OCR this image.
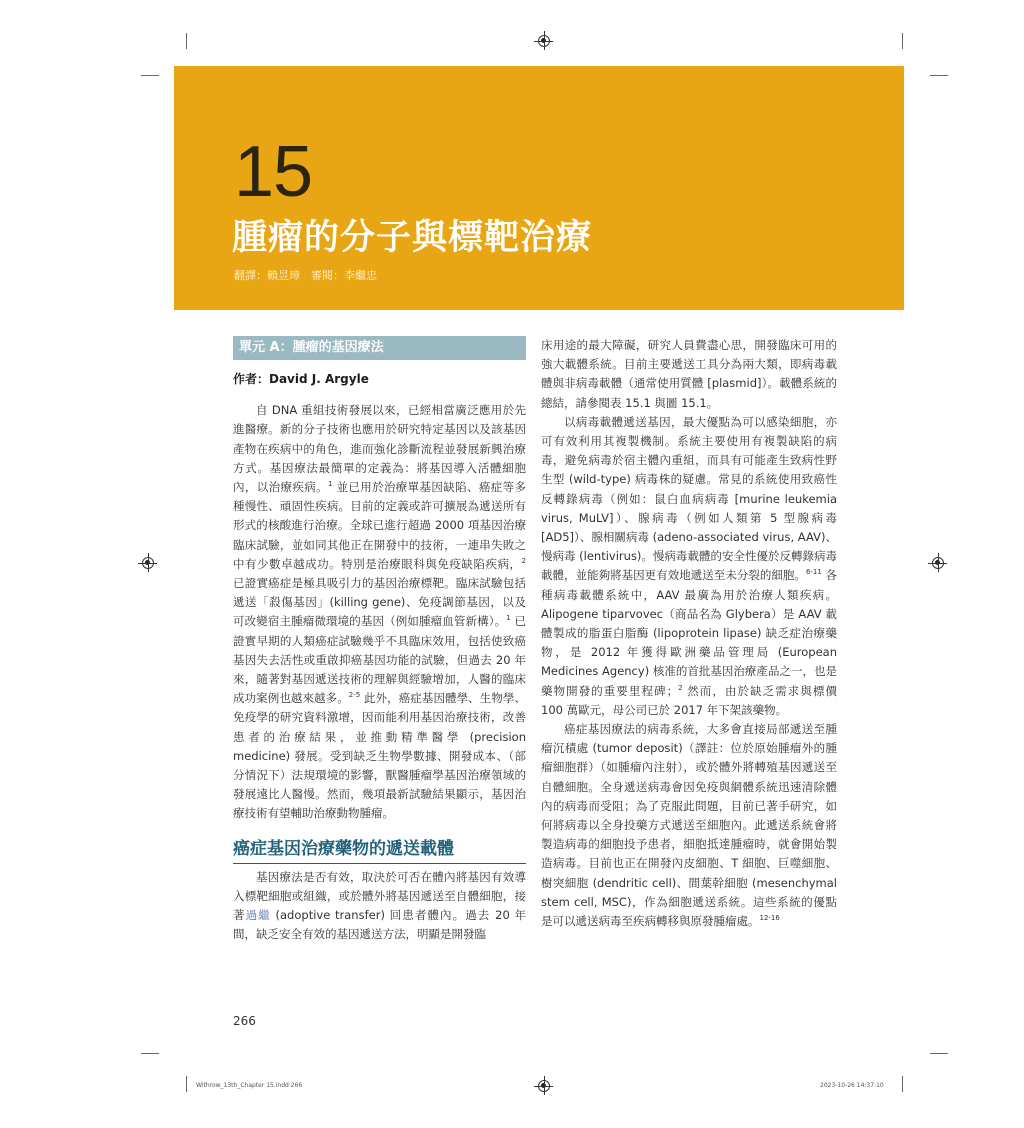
15
腫瘤的分子與標靶治療
翻譯：賴昱璋　審閱：李繼忠
單元 A：腫瘤的基因療法
作者：David J. Argyle

自 DNA 重組技術發展以來，已經相當廣泛應用於先進醫療。新的分子技術也應用於研究特定基因以及該基因產物在疾病中的角色，進而強化診斷流程並發展新興治療方式。基因療法最簡單的定義為：將基因導入活體細胞內，以治療疾病。$^1$ 並已用於治療單基因缺陷、癌症等多種慢性、頑固性疾病。目前的定義或許可擴展為遞送所有形式的核酸進行治療。全球已進行超過 2000 項基因治療臨床試驗，並如同其他正在開發中的技術，一連串失敗之中有少數卓越成功。特別是治療眼科與免疫缺陷疾病，$^2$ 已證實癌症是極具吸引力的基因治療標靶。臨床試驗包括遞送「殺傷基因」(killing gene)、免疫調節基因，以及可改變宿主腫瘤微環境的基因（例如腫瘤血管新構）。$^1$ 已證實早期的人類癌症試驗幾乎不具臨床效用，包括使致癌基因失去活性或重啟抑癌基因功能的試驗，但過去 20 年來，隨著對基因遞送技術的理解與經驗增加，人醫的臨床成功案例也越來越多。$^{2-5}$ 此外，癌症基因體學、生物學、免疫學的研究資料激增，因而能利用基因治療技術，改善患者的治療結果，並推動精準醫學 (precision medicine) 發展。受到缺乏生物學數據、開發成本、（部分情況下）法規環境的影響，獸醫腫瘤學基因治療領域的發展遠比人醫慢。然而，幾項最新試驗結果顯示，基因治療技術有望輔助治療動物腫瘤。

癌症基因治療藥物的遞送載體

基因療法是否有效，取決於可否在體內將基因有效導入標靶細胞或組織，或於體外將基因遞送至自體細胞，接著過繼 (adoptive transfer) 回患者體內。過去 20 年間，缺乏安全有效的基因遞送方法，明顯是開發臨

床用途的最大障礙，研究人員費盡心思，開發臨床可用的強大載體系統。目前主要遞送工具分為兩大類，即病毒載體與非病毒載體（通常使用質體 [plasmid]）。載體系統的總結，請參閱表 15.1 與圖 15.1。

以病毒載體遞送基因，最大優點為可以感染細胞，亦可有效利用其複製機制。系統主要使用有複製缺陷的病毒，避免病毒於宿主體內重組，而具有可能產生致病性野生型 (wild-type) 病毒株的疑慮。常見的系統使用致癌性反轉錄病毒（例如：鼠白血病病毒 [murine leukemia virus, MuLV]）、腺病毒（例如人類第 5 型腺病毒 [AD5]）、腺相關病毒 (adeno-associated virus, AAV)、慢病毒 (lentivirus)。慢病毒載體的安全性優於反轉錄病毒載體，並能夠將基因更有效地遞送至未分裂的細胞。$^{6-11}$ 各種病毒載體系統中，AAV 最廣為用於治療人類疾病。Alipogene tiparvovec（商品名為 Glybera）是 AAV 載體製成的脂蛋白脂酶 (lipoprotein lipase) 缺乏症治療藥物，是 2012 年獲得歐洲藥品管理局 (European Medicines Agency) 核准的首批基因治療產品之一，也是藥物開發的重要里程碑；$^2$ 然而，由於缺乏需求與標價 100 萬歐元，母公司已於 2017 年下架該藥物。

癌症基因療法的病毒系統，大多會直接局部遞送至腫瘤沉積處 (tumor deposit)（譯註：位於原始腫瘤外的腫瘤細胞群）（如腫瘤內注射），或於體外將轉殖基因遞送至自體細胞。全身遞送病毒會因免疫與網體系統迅速清除體內的病毒而受阻；為了克服此問題，目前已著手研究，如何將病毒以全身投藥方式遞送至細胞內。此遞送系統會將製造病毒的細胞投予患者，細胞抵達腫瘤時，就會開始製造病毒。目前也正在開發內皮細胞、T 細胞、巨噬細胞、樹突細胞 (dendritic cell)、間葉幹細胞 (mesenchymal stem cell, MSC)，作為細胞遞送系統。這些系統的優點是可以遞送病毒至疾病轉移與原發腫瘤處。$^{12-16}$

266
Withrow_13th_Chapter 15.indd 266	2023-10-26 14:37:10
